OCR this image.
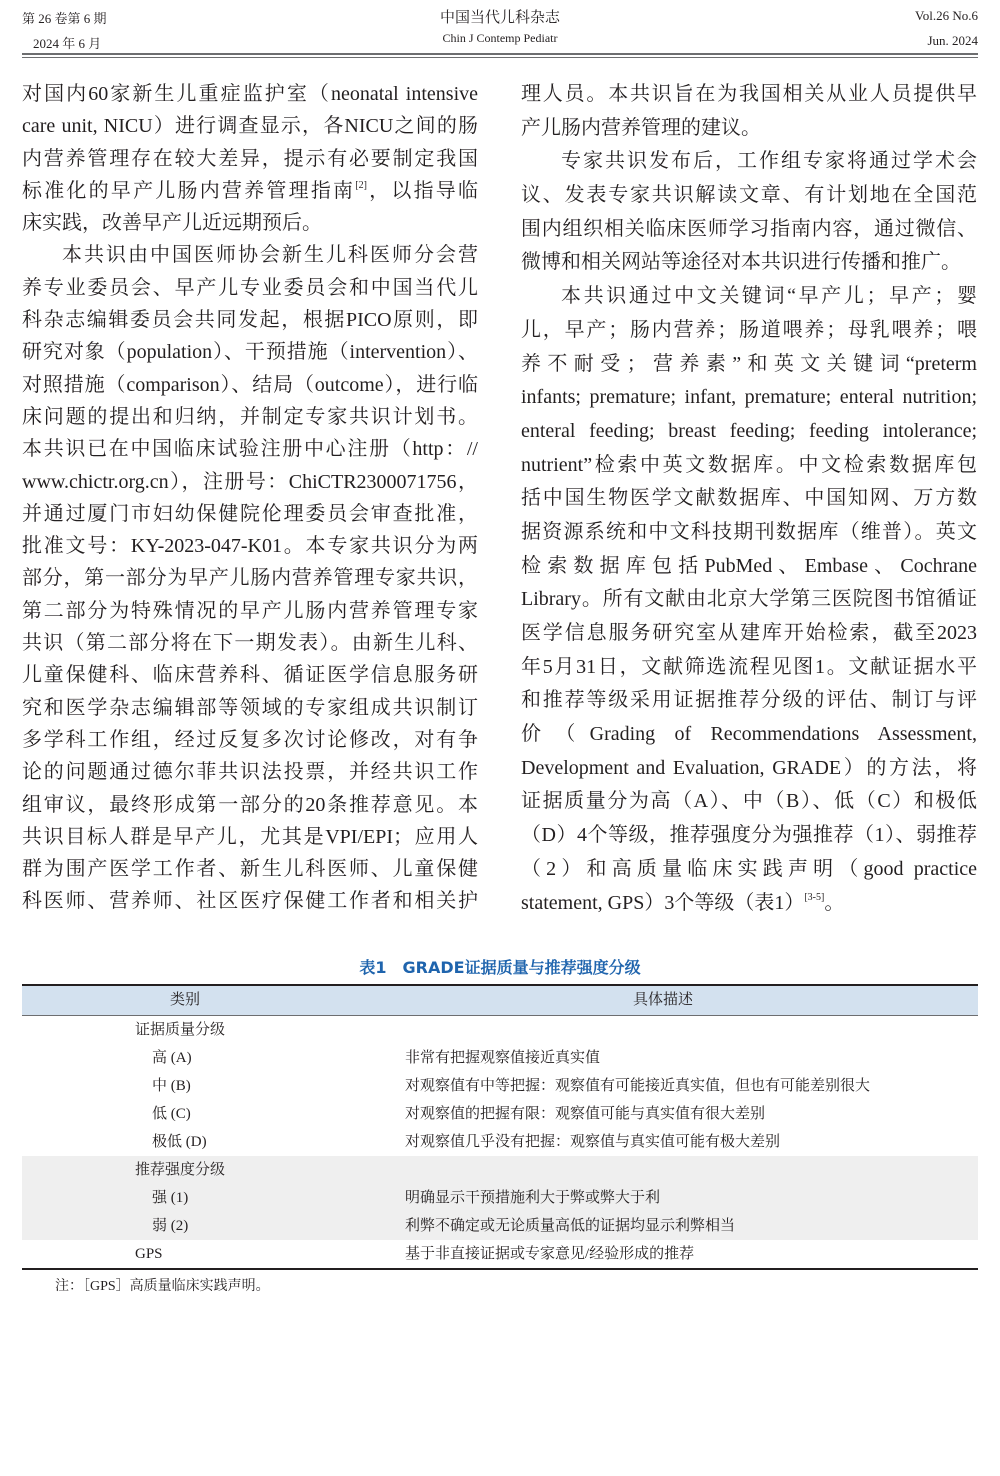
第 26 卷第 6 期
2024 年 6 月
中国当代儿科杂志
Chin J Contemp Pediatr
Vol.26 No.6
Jun. 2024
对国内60家新生儿重症监护室（neonatal intensive
care unit, NICU）进行调查显示，各NICU之间的肠
内营养管理存在较大差异，提示有必要制定我国
标准化的早产儿肠内营养管理指南[2]，以指导临
床实践，改善早产儿近远期预后。
本共识由中国医师协会新生儿科医师分会营
养专业委员会、早产儿专业委员会和中国当代儿
科杂志编辑委员会共同发起，根据PICO原则，即
研究对象（population）、干预措施（intervention）、
对照措施（comparison）、结局（outcome），进行临
床问题的提出和归纳，并制定专家共识计划书。
本共识已在中国临床试验注册中心注册（http：//
www.chictr.org.cn），注册号：ChiCTR2300071756，
并通过厦门市妇幼保健院伦理委员会审查批准，
批准文号：KY-2023-047-K01。本专家共识分为两
部分，第一部分为早产儿肠内营养管理专家共识，
第二部分为特殊情况的早产儿肠内营养管理专家
共识（第二部分将在下一期发表）。由新生儿科、
儿童保健科、临床营养科、循证医学信息服务研
究和医学杂志编辑部等领域的专家组成共识制订
多学科工作组，经过反复多次讨论修改，对有争
论的问题通过德尔菲共识法投票，并经共识工作
组审议，最终形成第一部分的20条推荐意见。本
共识目标人群是早产儿，尤其是VPI/EPI；应用人
群为围产医学工作者、新生儿科医师、儿童保健
科医师、营养师、社区医疗保健工作者和相关护
理人员。本共识旨在为我国相关从业人员提供早
产儿肠内营养管理的建议。
专家共识发布后，工作组专家将通过学术会
议、发表专家共识解读文章、有计划地在全国范
围内组织相关临床医师学习指南内容，通过微信、
微博和相关网站等途径对本共识进行传播和推广。
本共识通过中文关键词“早产儿；早产；婴
儿，早产；肠内营养；肠道喂养；母乳喂养；喂
养不耐受；营养素”和英文关键词“preterm
infants; premature; infant, premature; enteral nutrition;
enteral feeding; breast feeding; feeding intolerance;
nutrient”检索中英文数据库。中文检索数据库包
括中国生物医学文献数据库、中国知网、万方数
据资源系统和中文科技期刊数据库（维普）。英文
检索数据库包括PubMed、Embase、Cochrane
Library。所有文献由北京大学第三医院图书馆循证
医学信息服务研究室从建库开始检索，截至2023
年5月31日，文献筛选流程见图1。文献证据水平
和推荐等级采用证据推荐分级的评估、制订与评
价（Grading of Recommendations Assessment,
Development and Evaluation, GRADE）的方法，将
证据质量分为高（A）、中（B）、低（C）和极低
（D）4个等级，推荐强度分为强推荐（1）、弱推荐
（2）和高质量临床实践声明（good practice
statement, GPS）3个等级（表1）[3-5]。
表1　GRADE证据质量与推荐强度分级
类别	具体描述
证据质量分级
高 (A)	非常有把握观察值接近真实值
中 (B)	对观察值有中等把握：观察值有可能接近真实值，但也有可能差别很大
低 (C)	对观察值的把握有限：观察值可能与真实值有很大差别
极低 (D)	对观察值几乎没有把握：观察值与真实值可能有极大差别
推荐强度分级
强 (1)	明确显示干预措施利大于弊或弊大于利
弱 (2)	利弊不确定或无论质量高低的证据均显示利弊相当
GPS	基于非直接证据或专家意见/经验形成的推荐
注：［GPS］高质量临床实践声明。
